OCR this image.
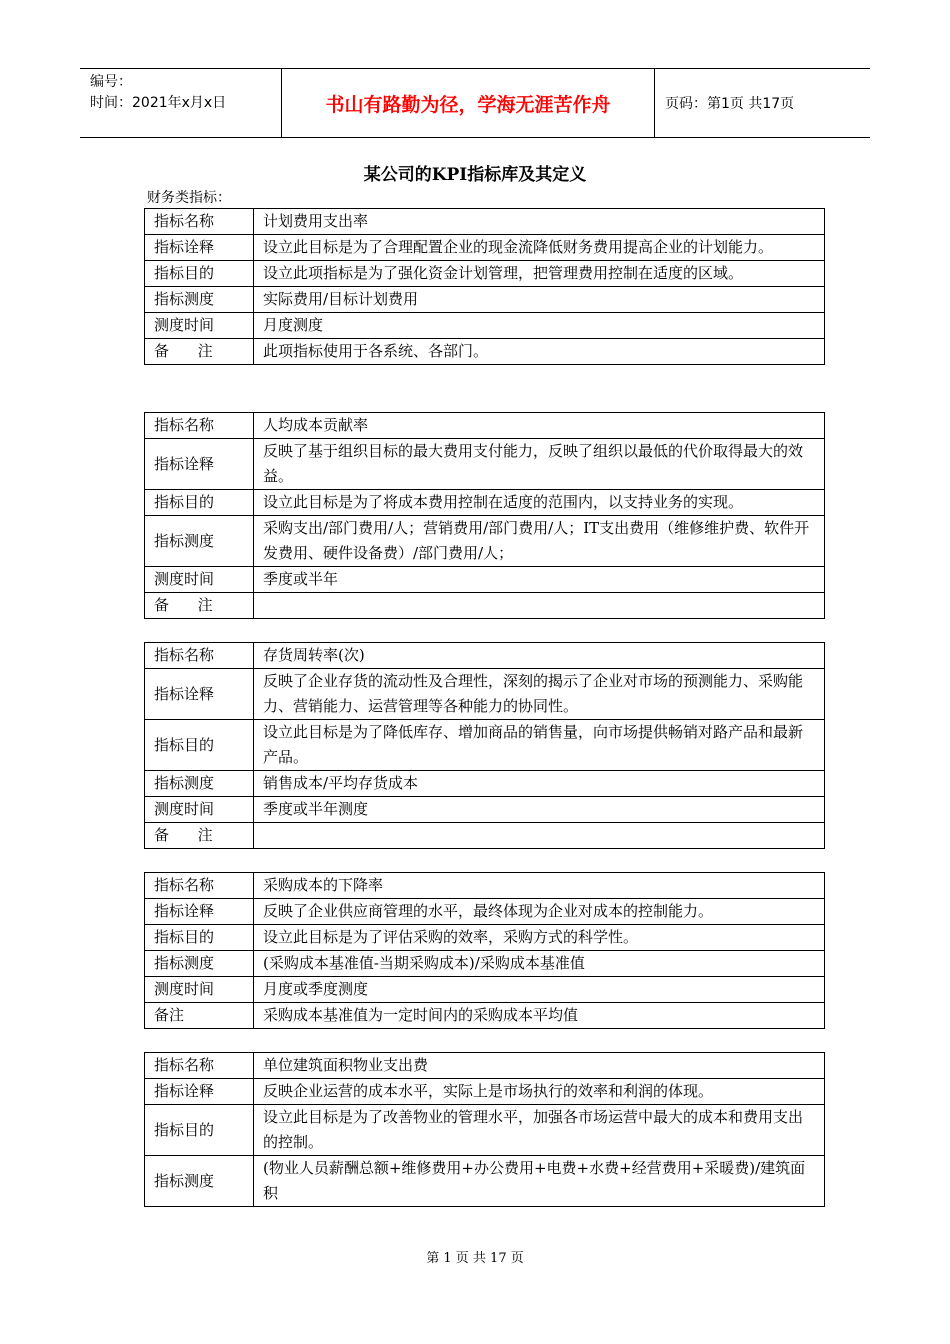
编号：
时间：2021年x月x日	书山有路勤为径，学海无涯苦作舟	页码：第1页 共17页
某公司的KPI指标库及其定义
财务类指标：
指标名称	计划费用支出率
指标诠释	设立此目标是为了合理配置企业的现金流降低财务费用提高企业的计划能力。
指标目的	设立此项指标是为了强化资金计划管理，把管理费用控制在适度的区域。
指标测度	实际费用/目标计划费用
测度时间	月度测度
备      注	此项指标使用于各系统、各部门。
指标名称	人均成本贡献率
指标诠释	反映了基于组织目标的最大费用支付能力，反映了组织以最低的代价取得最大的效益。
指标目的	设立此目标是为了将成本费用控制在适度的范围内，以支持业务的实现。
指标测度	采购支出/部门费用/人；营销费用/部门费用/人；IT支出费用（维修维护费、软件开发费用、硬件设备费）/部门费用/人；
测度时间	季度或半年
备      注	
指标名称	存货周转率(次)
指标诠释	反映了企业存货的流动性及合理性，深刻的揭示了企业对市场的预测能力、采购能力、营销能力、运营管理等各种能力的协同性。
指标目的	设立此目标是为了降低库存、增加商品的销售量，向市场提供畅销对路产品和最新产品。
指标测度	销售成本/平均存货成本
测度时间	季度或半年测度
备      注	
指标名称	采购成本的下降率
指标诠释	反映了企业供应商管理的水平，最终体现为企业对成本的控制能力。
指标目的	设立此目标是为了评估采购的效率，采购方式的科学性。
指标测度	(采购成本基准值-当期采购成本)/采购成本基准值
测度时间	月度或季度测度
备注	采购成本基准值为一定时间内的采购成本平均值
指标名称	单位建筑面积物业支出费
指标诠释	反映企业运营的成本水平，实际上是市场执行的效率和利润的体现。
指标目的	设立此目标是为了改善物业的管理水平，加强各市场运营中最大的成本和费用支出的控制。
指标测度	(物业人员薪酬总额+维修费用+办公费用+电费+水费+经营费用+采暖费)/建筑面积
第 1 页 共 17 页
